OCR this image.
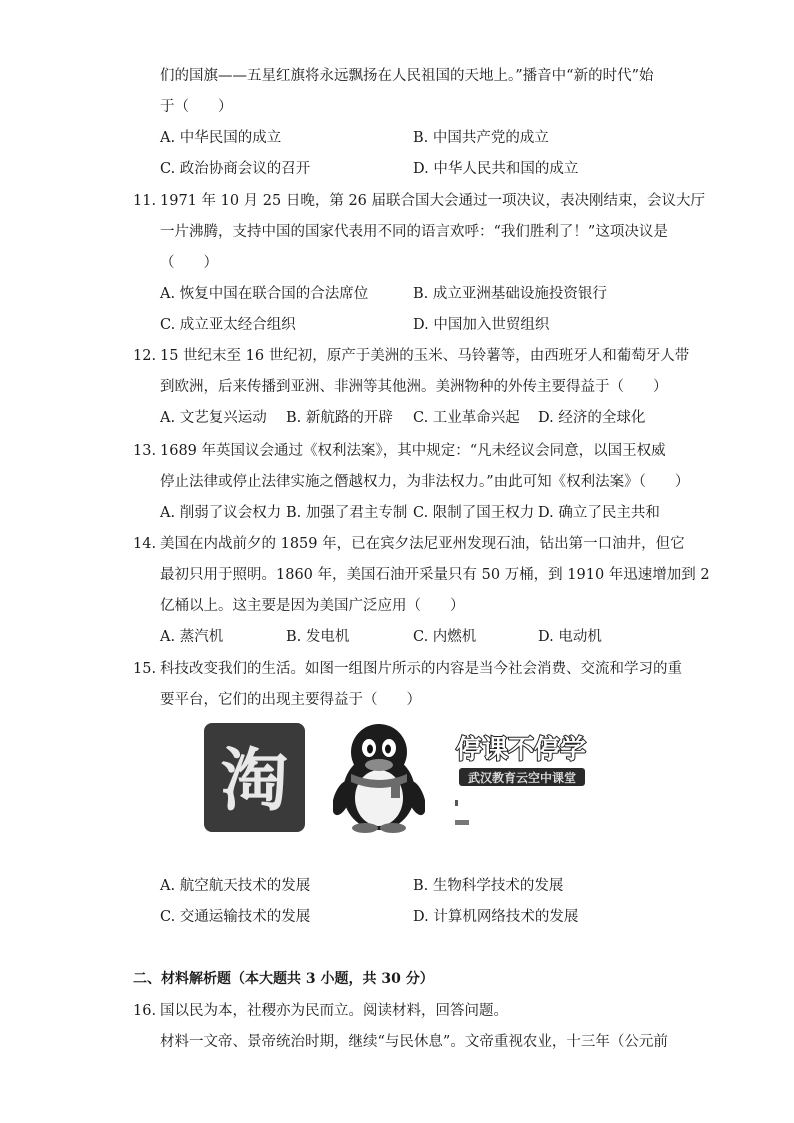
们的国旗——五星红旗将永远飘扬在人民祖国的天地上。”播音中“新的时代”始
于（　　）
A. 中华民国的成立	B. 中国共产党的成立
C. 政治协商会议的召开	D. 中华人民共和国的成立
11. 1971 年 10 月 25 日晚，第 26 届联合国大会通过一项决议，表决刚结束，会议大厅
一片沸腾，支持中国的国家代表用不同的语言欢呼：“我们胜利了！”这项决议是
（　　）
A. 恢复中国在联合国的合法席位	B. 成立亚洲基础设施投资银行
C. 成立亚太经合组织	D. 中国加入世贸组织
12. 15 世纪末至 16 世纪初，原产于美洲的玉米、马铃薯等，由西班牙人和葡萄牙人带
到欧洲，后来传播到亚洲、非洲等其他洲。美洲物种的外传主要得益于（　　）
A. 文艺复兴运动 B. 新航路的开辟 C. 工业革命兴起 D. 经济的全球化
13. 1689 年英国议会通过《权利法案》，其中规定：“凡未经议会同意，以国王权威
停止法律或停止法律实施之僭越权力，为非法权力。”由此可知《权利法案》（　　）
A. 削弱了议会权力 B. 加强了君主专制 C. 限制了国王权力 D. 确立了民主共和
14. 美国在内战前夕的 1859 年，已在宾夕法尼亚州发现石油，钻出第一口油井，但它
最初只用于照明。1860 年，美国石油开采量只有 50 万桶，到 1910 年迅速增加到 2
亿桶以上。这主要是因为美国广泛应用（　　）
A. 蒸汽机	B. 发电机	C. 内燃机	D. 电动机
15. 科技改变我们的生活。如图一组图片所示的内容是当今社会消费、交流和学习的重
要平台，它们的出现主要得益于（　　）
淘	停课不停学
武汉教育云空中课堂
A. 航空航天技术的发展	B. 生物科学技术的发展
C. 交通运输技术的发展	D. 计算机网络技术的发展
二、材料解析题（本大题共 3 小题，共 30 分）
16. 国以民为本，社稷亦为民而立。阅读材料，回答问题。
材料一文帝、景帝统治时期，继续“与民休息”。文帝重视农业，十三年（公元前
